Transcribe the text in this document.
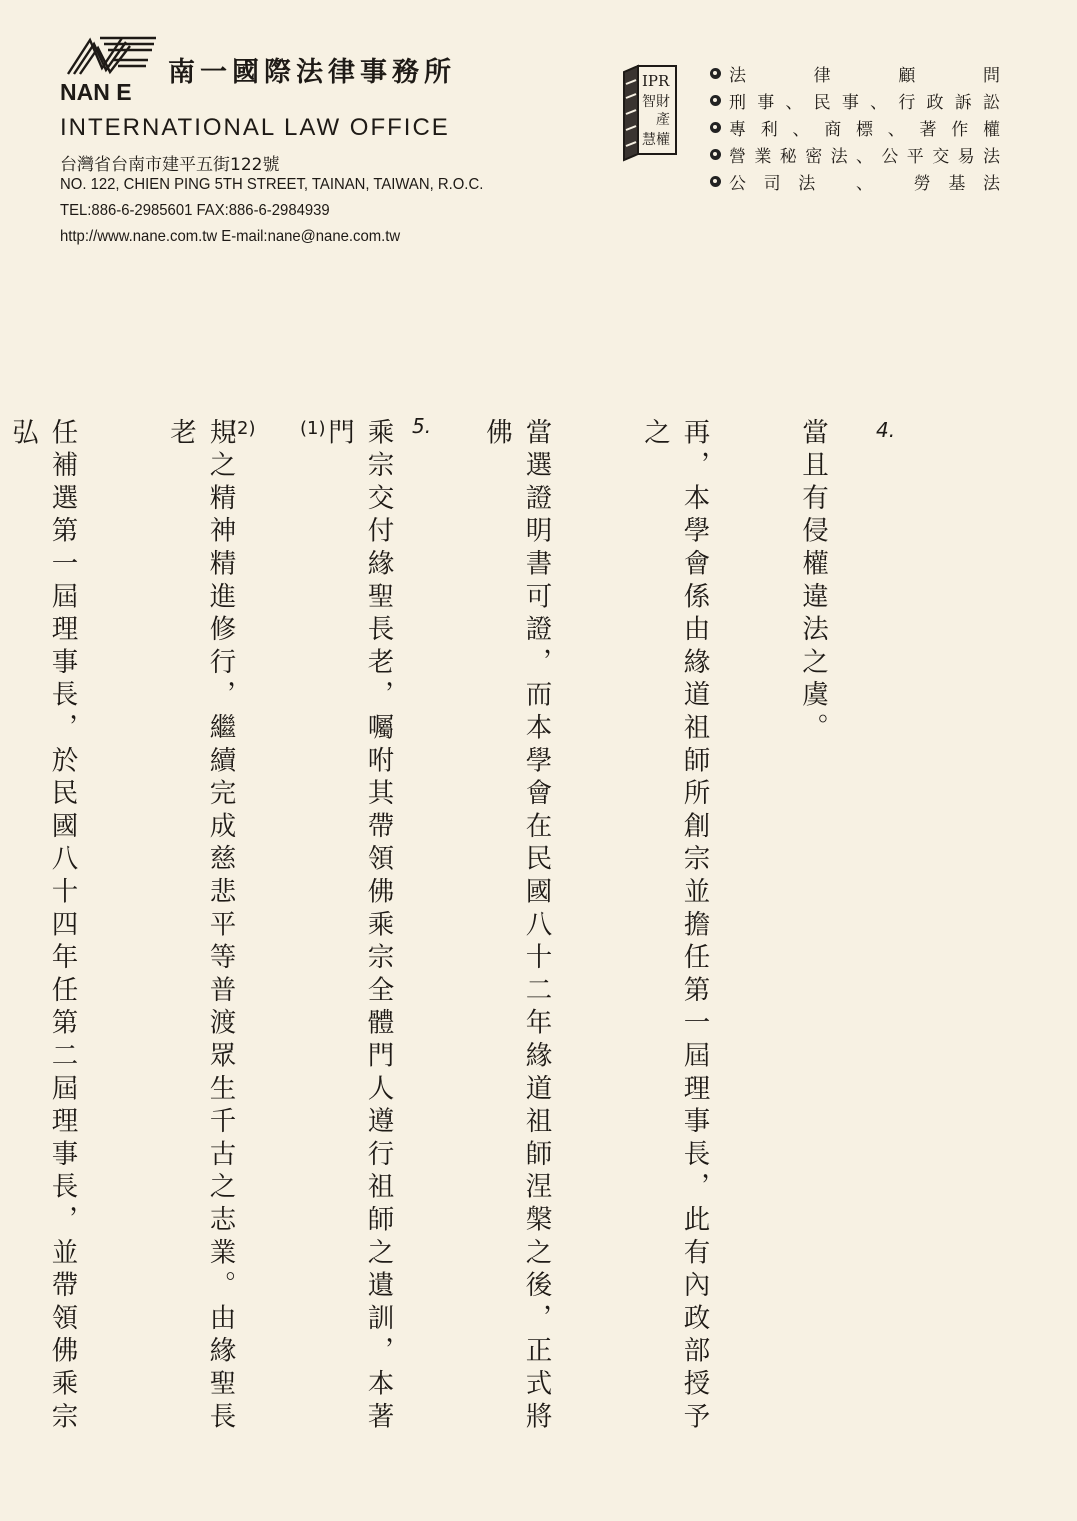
NAN E
南一國際法律事務所
INTERNATIONAL LAW OFFICE
台灣省台南市建平五街122號
NO. 122, CHIEN PING 5TH STREET, TAINAN, TAIWAN, R.O.C.
TEL:886-6-2985601 FAX:886-6-2984939
http://www.nane.com.tw E-mail:nane@nane.com.tw
IPR
智財
產
慧權
法 律 顧 問
刑事、民事、行政訴訟
專利、商標、著作權
營業秘密法、公平交易法
公司法 、 勞基法
4.
5.
(1)
(2)

	當且有侵權違法之虞。

再，本學會係由緣道祖師所創宗並擔任第一屆理事長，此有內政部授予之

當選證明書可證，而本學會在民國八十二年緣道祖師涅槃之後，正式將佛

乘宗交付緣聖長老，囑咐其帶領佛乘宗全體門人遵行祖師之遺訓，本著門

規之精神精進修行，繼續完成慈悲平等普渡眾生千古之志業。由緣聖長老

任補選第一屆理事長，於民國八十四年任第二屆理事長，並帶領佛乘宗弘
